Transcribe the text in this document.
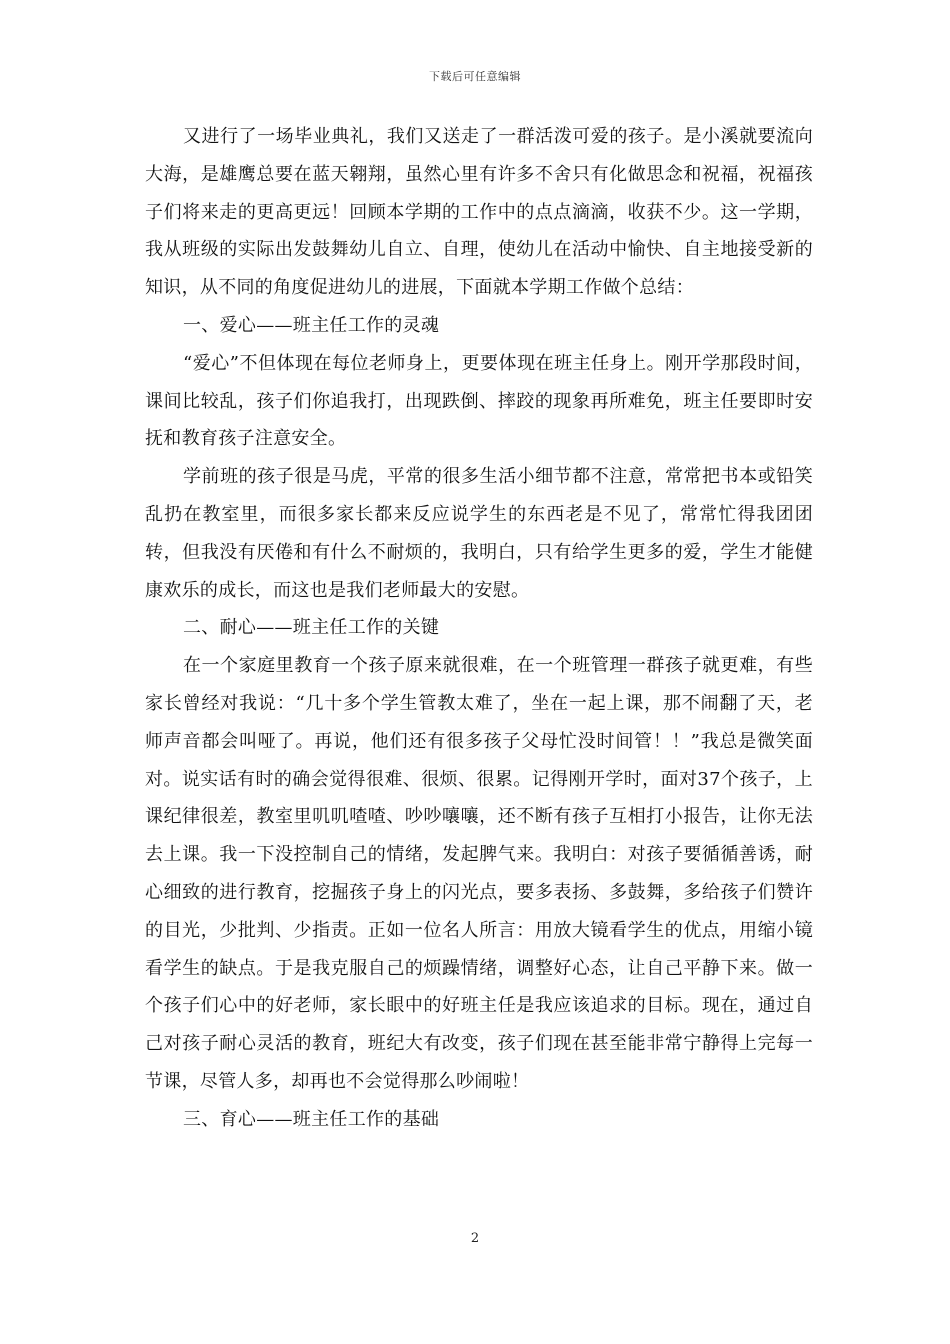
下载后可任意编辑

又进行了一场毕业典礼，我们又送走了一群活泼可爱的孩子。是小溪就要流向大海，是雄鹰总要在蓝天翱翔，虽然心里有许多不舍只有化做思念和祝福，祝福孩子们将来走的更高更远！回顾本学期的工作中的点点滴滴，收获不少。这一学期，我从班级的实际出发鼓舞幼儿自立、自理，使幼儿在活动中愉快、自主地接受新的知识，从不同的角度促进幼儿的进展，下面就本学期工作做个总结：

一、爱心——班主任工作的灵魂

“爱心”不但体现在每位老师身上，更要体现在班主任身上。刚开学那段时间，课间比较乱，孩子们你追我打，出现跌倒、摔跤的现象再所难免，班主任要即时安抚和教育孩子注意安全。

学前班的孩子很是马虎，平常的很多生活小细节都不注意，常常把书本或铅笑乱扔在教室里，而很多家长都来反应说学生的东西老是不见了，常常忙得我团团转，但我没有厌倦和有什么不耐烦的，我明白，只有给学生更多的爱，学生才能健康欢乐的成长，而这也是我们老师最大的安慰。

二、耐心——班主任工作的关键

在一个家庭里教育一个孩子原来就很难，在一个班管理一群孩子就更难，有些家长曾经对我说：“几十多个学生管教太难了，坐在一起上课，那不闹翻了天，老师声音都会叫哑了。再说，他们还有很多孩子父母忙没时间管！！”我总是微笑面对。说实话有时的确会觉得很难、很烦、很累。记得刚开学时，面对37个孩子，上课纪律很差，教室里叽叽喳喳、吵吵嚷嚷，还不断有孩子互相打小报告，让你无法去上课。我一下没控制自己的情绪，发起脾气来。我明白：对孩子要循循善诱，耐心细致的进行教育，挖掘孩子身上的闪光点，要多表扬、多鼓舞，多给孩子们赞许的目光，少批判、少指责。正如一位名人所言：用放大镜看学生的优点，用缩小镜看学生的缺点。于是我克服自己的烦躁情绪，调整好心态，让自己平静下来。做一个孩子们心中的好老师，家长眼中的好班主任是我应该追求的目标。现在，通过自己对孩子耐心灵活的教育，班纪大有改变，孩子们现在甚至能非常宁静得上完每一节课，尽管人多，却再也不会觉得那么吵闹啦！

三、育心——班主任工作的基础

2
